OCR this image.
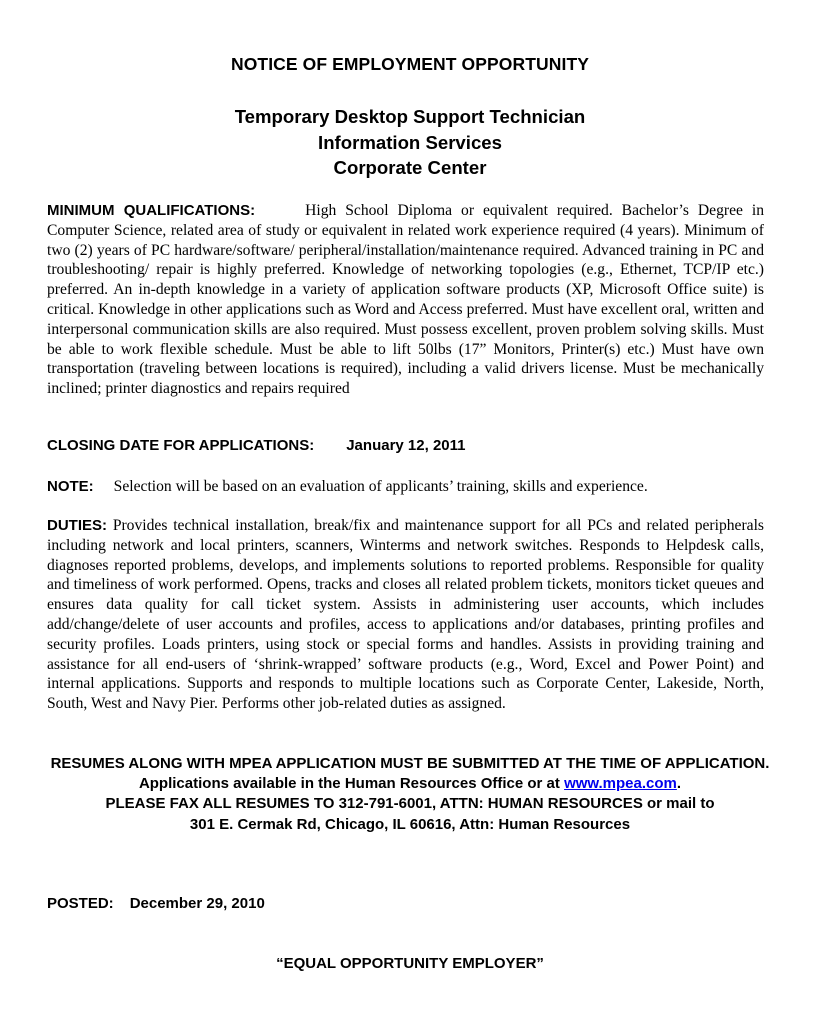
NOTICE OF EMPLOYMENT OPPORTUNITY
Temporary Desktop Support Technician
Information Services
Corporate Center
MINIMUM QUALIFICATIONS:	High School Diploma or equivalent required. Bachelor’s Degree in Computer Science, related area of study or equivalent in related work experience required (4 years). Minimum of two (2) years of PC hardware/software/ peripheral/installation/maintenance required. Advanced training in PC and troubleshooting/ repair is highly preferred. Knowledge of networking topologies (e.g., Ethernet, TCP/IP etc.) preferred. An in-depth knowledge in a variety of application software products (XP, Microsoft Office suite) is critical. Knowledge in other applications such as Word and Access preferred. Must have excellent oral, written and interpersonal communication skills are also required. Must possess excellent, proven problem solving skills. Must be able to work flexible schedule. Must be able to lift 50lbs (17” Monitors, Printer(s) etc.) Must have own transportation (traveling between locations is required), including a valid drivers license. Must be mechanically inclined; printer diagnostics and repairs required
CLOSING DATE FOR APPLICATIONS: January 12, 2011
NOTE: Selection will be based on an evaluation of applicants’ training, skills and experience.
DUTIES: Provides technical installation, break/fix and maintenance support for all PCs and related peripherals including network and local printers, scanners, Winterms and network switches. Responds to Helpdesk calls, diagnoses reported problems, develops, and implements solutions to reported problems. Responsible for quality and timeliness of work performed. Opens, tracks and closes all related problem tickets, monitors ticket queues and ensures data quality for call ticket system. Assists in administering user accounts, which includes add/change/delete of user accounts and profiles, access to applications and/or databases, printing profiles and security profiles. Loads printers, using stock or special forms and handles. Assists in providing training and assistance for all end-users of ‘shrink-wrapped’ software products (e.g., Word, Excel and Power Point) and internal applications. Supports and responds to multiple locations such as Corporate Center, Lakeside, North, South, West and Navy Pier. Performs other job-related duties as assigned.
RESUMES ALONG WITH MPEA APPLICATION MUST BE SUBMITTED AT THE TIME OF APPLICATION.
Applications available in the Human Resources Office or at www.mpea.com.
PLEASE FAX ALL RESUMES TO 312-791-6001, ATTN: HUMAN RESOURCES or mail to
301 E. Cermak Rd, Chicago, IL 60616, Attn: Human Resources
POSTED: December 29, 2010
“EQUAL OPPORTUNITY EMPLOYER”
